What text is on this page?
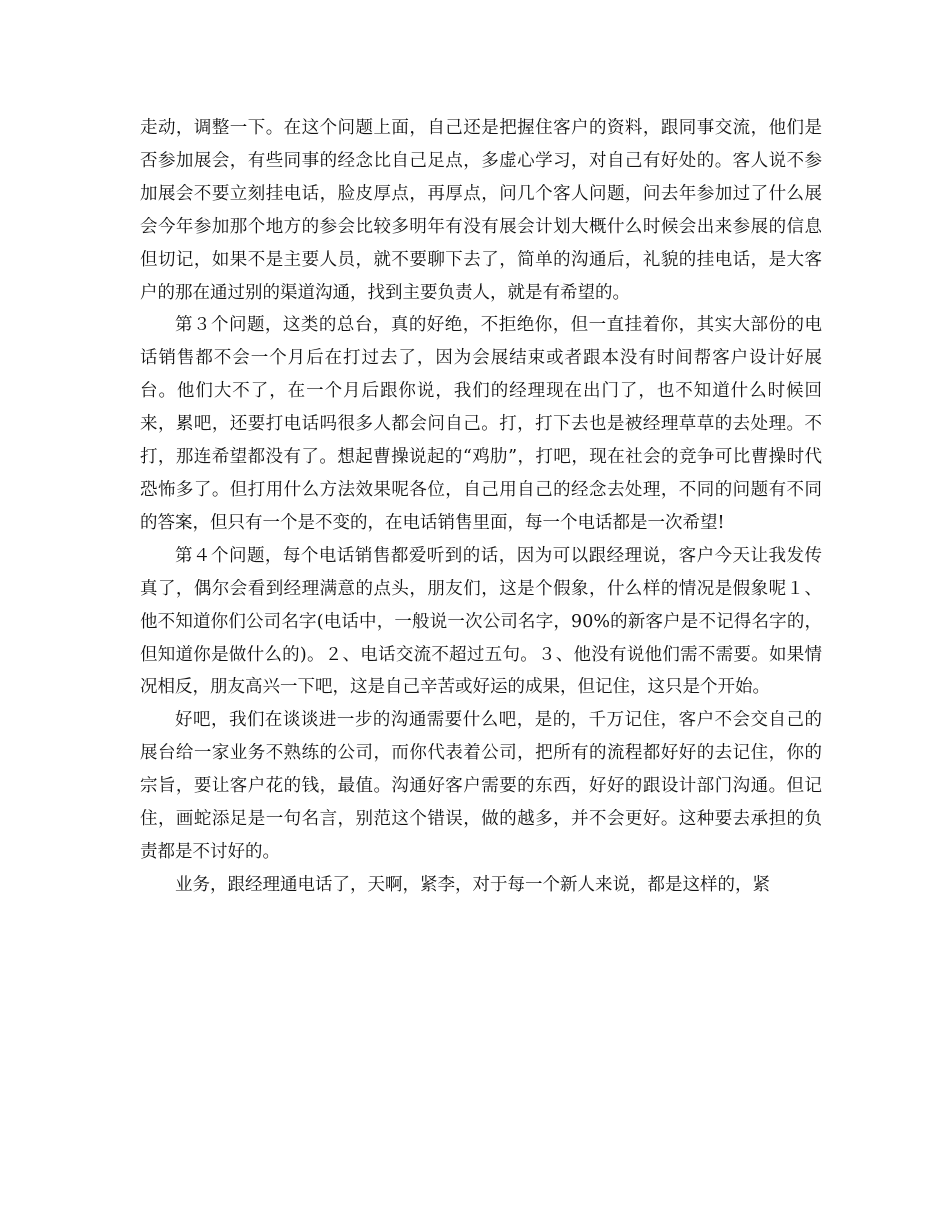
走动，调整一下。在这个问题上面，自己还是把握住客户的资料，跟同事交流，他们是否参加展会，有些同事的经念比自己足点，多虚心学习，对自己有好处的。客人说不参加展会不要立刻挂电话，脸皮厚点，再厚点，问几个客人问题，问去年参加过了什么展会今年参加那个地方的参会比较多明年有没有展会计划大概什么时候会出来参展的信息但切记，如果不是主要人员，就不要聊下去了，简单的沟通后，礼貌的挂电话，是大客户的那在通过别的渠道沟通，找到主要负责人，就是有希望的。

第３个问题，这类的总台，真的好绝，不拒绝你，但一直挂着你，其实大部份的电话销售都不会一个月后在打过去了，因为会展结束或者跟本没有时间帮客户设计好展台。他们大不了，在一个月后跟你说，我们的经理现在出门了，也不知道什么时候回来，累吧，还要打电话吗很多人都会问自己。打，打下去也是被经理草草的去处理。不打，那连希望都没有了。想起曹操说起的“鸡肋”，打吧，现在社会的竞争可比曹操时代恐怖多了。但打用什么方法效果呢各位，自己用自己的经念去处理，不同的问题有不同的答案，但只有一个是不变的，在电话销售里面，每一个电话都是一次希望!

第４个问题，每个电话销售都爱听到的话，因为可以跟经理说，客户今天让我发传真了，偶尔会看到经理满意的点头，朋友们，这是个假象，什么样的情况是假象呢１、他不知道你们公司名字(电话中，一般说一次公司名字，90%的新客户是不记得名字的，但知道你是做什么的)。２、电话交流不超过五句。３、他没有说他们需不需要。如果情况相反，朋友高兴一下吧，这是自己辛苦或好运的成果，但记住，这只是个开始。

好吧，我们在谈谈进一步的沟通需要什么吧，是的，千万记住，客户不会交自己的展台给一家业务不熟练的公司，而你代表着公司，把所有的流程都好好的去记住，你的宗旨，要让客户花的钱，最值。沟通好客户需要的东西，好好的跟设计部门沟通。但记住，画蛇添足是一句名言，别范这个错误，做的越多，并不会更好。这种要去承担的负责都是不讨好的。

业务，跟经理通电话了，天啊，紧李，对于每一个新人来说，都是这样的，紧
